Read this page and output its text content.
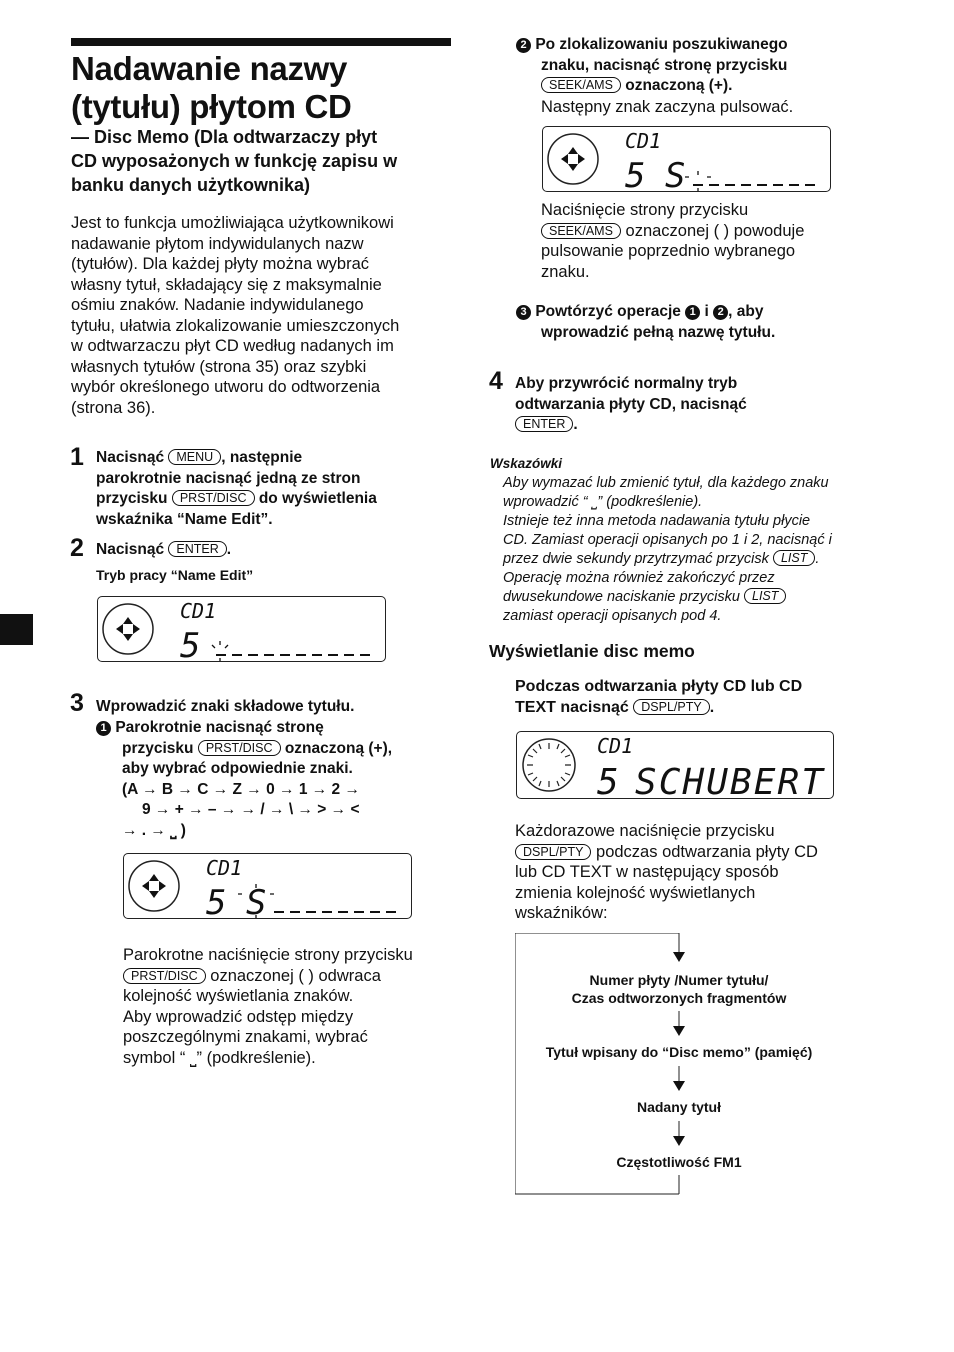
Nadawanie nazwy
(tytułu) płytom CD
— Disc Memo (Dla odtwarzaczy płyt
CD wyposażonych w funkcję zapisu w
banku danych użytkownika)
Jest to funkcja umożliwiająca użytkownikowi
nadawanie płytom indywidulanych nazw
(tytułów). Dla każdej płyty można wybrać
własny tytuł, składający się z maksymalnie
ośmiu znaków. Nadanie indywidulanego
tytułu, ułatwia zlokalizowanie umieszczonych
w odtwarzaczu płyt CD według nadanych im
własnych tytułów (strona 35) oraz szybki
wybór określonego utworu do odtworzenia
(strona 36).
1 Nacisnąć MENU , następnie
parokrotnie nacisnąć jedną ze stron
przycisku PRST/DISC do wyświetlenia
wskaźnika “Name Edit”.
2 Nacisnąć ENTER .
Tryb pracy “Name Edit”
CD1
5
3 Wprowadzić znaki składowe tytułu.
1 Parokrotnie nacisnąć stronę
przycisku PRST/DISC oznaczoną (+),
aby wybrać odpowiednie znaki.
(A → B → C → Z → 0 → 1 → 2 →
9 → + → – → → / → \ → > → <
→ . → ⎵ )
CD1
5 S
Parokrotne naciśnięcie strony przycisku
PRST/DISC oznaczonej ( ) odwraca
kolejność wyświetlania znaków.
Aby wprowadzić odstęp między
poszczególnymi znakami, wybrać
symbol “ ⎵” (podkreślenie).
2 Po zlokalizowaniu poszukiwanego
znaku, nacisnąć stronę przycisku
SEEK/AMS oznaczoną (+).
Następny znak zaczyna pulsować.
CD1
5 S
Naciśnięcie strony przycisku
SEEK/AMS oznaczonej ( ) powoduje
pulsowanie poprzednio wybranego
znaku.
3 Powtórzyć operacje 1 i 2 , aby
wprowadzić pełną nazwę tytułu.
4 Aby przywrócić normalny tryb
odtwarzania płyty CD, nacisnąć
ENTER .
Wskazówki
Aby wymazać lub zmienić tytuł, dla każdego znaku
wprowadzić “ ⎵” (podkreślenie).
Istnieje też inna metoda nadawania tytułu płycie
CD. Zamiast operacji opisanych po 1 i 2, nacisnąć i
przez dwie sekundy przytrzymać przycisk LIST .
Operację można również zakończyć przez
dwusekundowe naciskanie przycisku LIST
zamiast operacji opisanych pod 4.
Wyświetlanie disc memo
Podczas odtwarzania płyty CD lub CD
TEXT nacisnąć DSPL/PTY .
CD1
5 SCHUBERT
Każdorazowe naciśnięcie przycisku
DSPL/PTY podczas odtwarzania płyty CD
lub CD TEXT w następujący sposób
zmienia kolejność wyświetlanych
wskaźników:
Numer płyty /Numer tytułu/
Czas odtworzonych fragmentów
Tytuł wpisany do “Disc memo” (pamięć)
Nadany tytuł
Częstotliwość FM1
